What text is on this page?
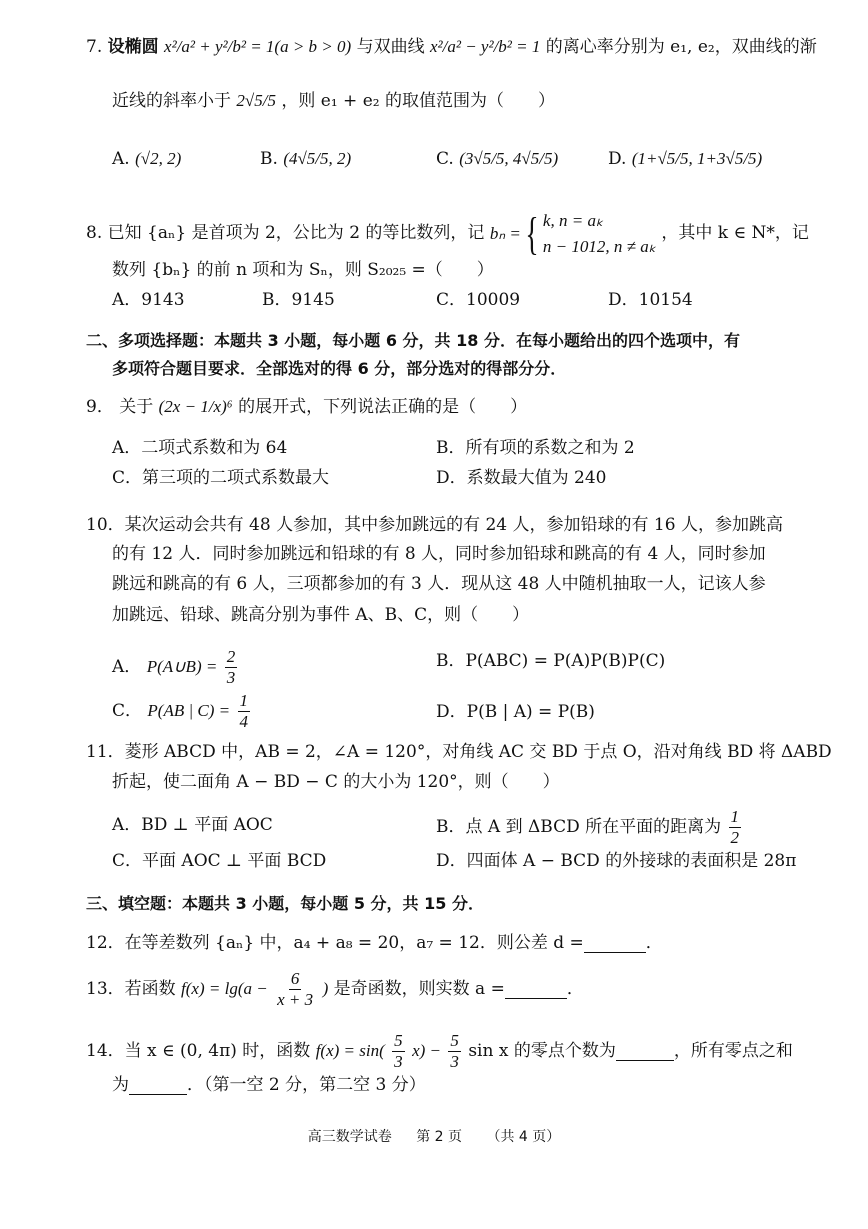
7. 设椭圆 x²/a² + y²/b² = 1(a > b > 0) 与双曲线 x²/a² − y²/b² = 1 的离心率分别为 e₁, e₂，双曲线的渐
近线的斜率小于 2√5/5 ，则 e₁ + e₂ 的取值范围为（　　）
A. (√2, 2)	B. (4√5/5, 2)	C. (3√5/5, 4√5/5)	D. (1+√5/5, 1+3√5/5)
8. 已知 {aₙ} 是首项为 2，公比为 2 的等比数列，记 bₙ = { k, n = aₖ
n − 1012, n ≠ aₖ
，其中 k ∈ N*，记
数列 {bₙ} 的前 n 项和为 Sₙ，则 S₂₀₂₅ =（　　）
A．9143	B．9145	C．10009	D．10154
二、多项选择题：本题共 3 小题，每小题 6 分，共 18 分．在每小题给出的四个选项中，有
多项符合题目要求．全部选对的得 6 分，部分选对的得部分分．
9． 关于 (2x − 1/x)⁶ 的展开式，下列说法正确的是（　　）
A．二项式系数和为 64	B．所有项的系数之和为 2
C．第三项的二项式系数最大	D．系数最大值为 240
10．某次运动会共有 48 人参加，其中参加跳远的有 24 人，参加铅球的有 16 人，参加跳高
的有 12 人．同时参加跳远和铅球的有 8 人，同时参加铅球和跳高的有 4 人，同时参加
跳远和跳高的有 6 人，三项都参加的有 3 人．现从这 48 人中随机抽取一人，记该人参
加跳远、铅球、跳高分别为事件 A、B、C，则（　　）
A． P(A∪B) = $\frac{2}{3}$	B．P(ABC) = P(A)P(B)P(C)
C． P(AB | $C) = \frac{1}{4}$	D．P(B | A) = P(B)
11．菱形 ABCD 中，AB = 2，∠A = 120°，对角线 AC 交 BD 于点 O，沿对角线 BD 将 ΔABD
折起，使二面角 A − BD − C 的大小为 120°，则（　　）
A．BD ⊥ 平面 AOC	B．点 A 到 ΔBCD 所在平面的距离为 $\frac{1}{2}$
C．平面 AOC ⊥ 平面 BCD	D．四面体 A − BCD 的外接球的表面积是 28π
三、填空题：本题共 3 小题，每小题 5 分，共 15 分．
12．在等差数列 {aₙ} 中，a₄ + a₈ = 20，a₇ = 12．则公差 d =	．
13．若函数 $f(x) = \lg(a - \frac{6}{x + 3}$ ) 是奇函数，则实数 a =	．
14．当 x ∈ (0, 4π) 时，函数 $f(x) = \sin( \frac{5}{3} x) - \frac{5}{3}$ sin x 的零点个数为	，所有零点之和
为	．（第一空 2 分，第二空 3 分）
高三数学试卷 第 2 页 （共 4 页）
